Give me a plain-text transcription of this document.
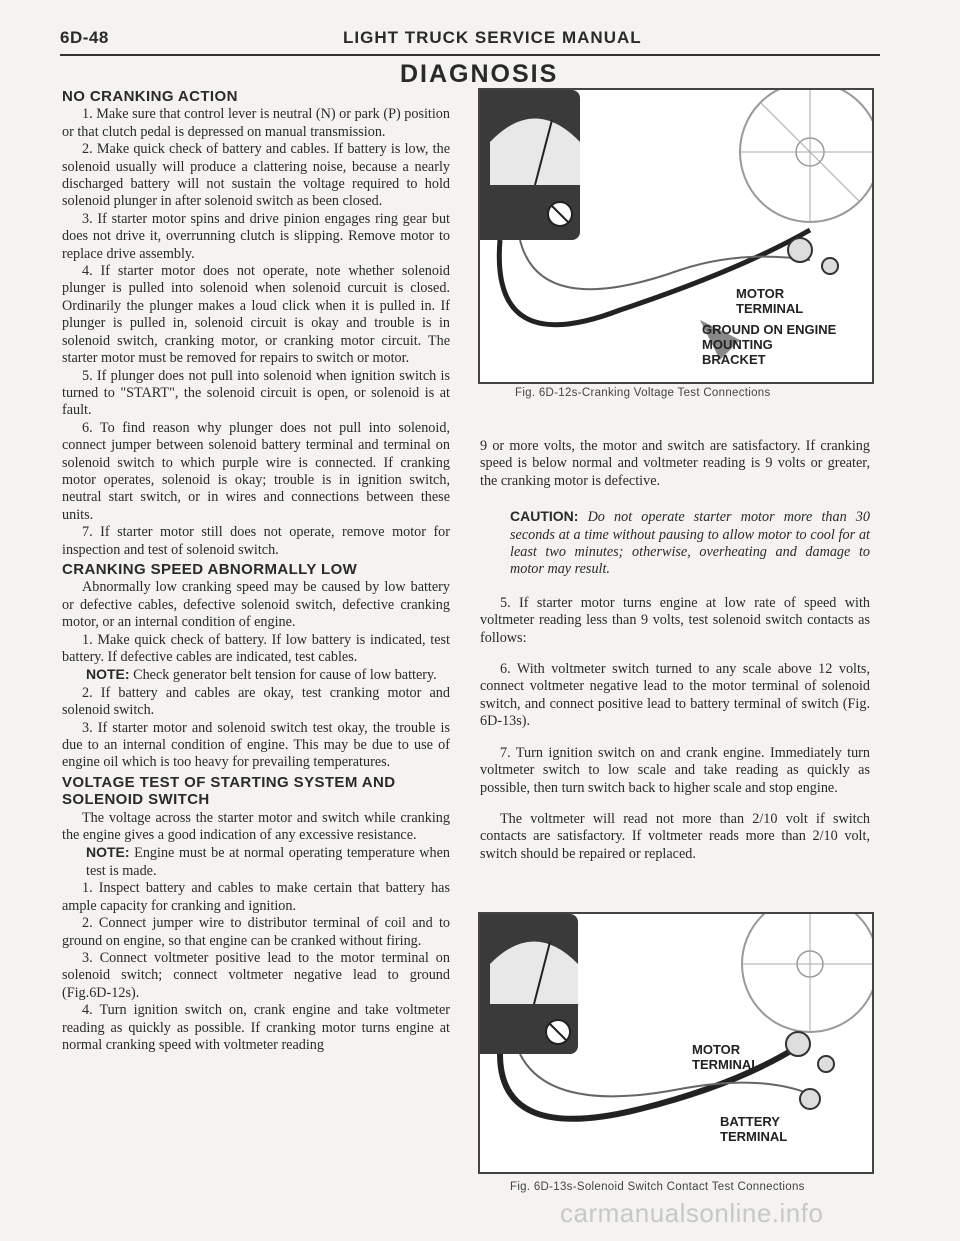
6D-48	LIGHT TRUCK SERVICE MANUAL
DIAGNOSIS
NO CRANKING ACTION

1. Make sure that control lever is neutral (N) or park (P) position or that clutch pedal is depressed on manual transmission.

2. Make quick check of battery and cables. If battery is low, the solenoid usually will produce a clattering noise, because a nearly discharged battery will not sustain the voltage required to hold solenoid plunger in after solenoid switch as been closed.

3. If starter motor spins and drive pinion engages ring gear but does not drive it, overrunning clutch is slipping. Remove motor to replace drive assembly.

4. If starter motor does not operate, note whether solenoid plunger is pulled into solenoid when solenoid curcuit is closed. Ordinarily the plunger makes a loud click when it is pulled in. If plunger is pulled in, solenoid circuit is okay and trouble is in solenoid switch, cranking motor, or cranking motor circuit. The starter motor must be removed for repairs to switch or motor.

5. If plunger does not pull into solenoid when ignition switch is turned to "START", the solenoid circuit is open, or solenoid is at fault.

6. To find reason why plunger does not pull into solenoid, connect jumper between solenoid battery terminal and terminal on solenoid switch to which purple wire is connected. If cranking motor operates, solenoid is okay; trouble is in ignition switch, neutral start switch, or in wires and connections between these units.

7. If starter motor still does not operate, remove motor for inspection and test of solenoid switch.

CRANKING SPEED ABNORMALLY LOW

Abnormally low cranking speed may be caused by low battery or defective cables, defective solenoid switch, defective cranking motor, or an internal condition of engine.

1. Make quick check of battery. If low battery is indicated, test battery. If defective cables are indicated, test cables.

NOTE: Check generator belt tension for cause of low battery.

2. If battery and cables are okay, test cranking motor and solenoid switch.

3. If starter motor and solenoid switch test okay, the trouble is due to an internal condition of engine. This may be due to use of engine oil which is too heavy for prevailing temperatures.

VOLTAGE TEST OF STARTING SYSTEM AND
SOLENOID SWITCH

The voltage across the starter motor and switch while cranking the engine gives a good indication of any excessive resistance.

NOTE: Engine must be at normal operating temperature when test is made.

1. Inspect battery and cables to make certain that battery has ample capacity for cranking and ignition.

2. Connect jumper wire to distributor terminal of coil and to ground on engine, so that engine can be cranked without firing.

3. Connect voltmeter positive lead to the motor terminal on solenoid switch; connect voltmeter negative lead to ground (Fig.6D-12s).

4. Turn ignition switch on, crank engine and take voltmeter reading as quickly as possible. If cranking motor turns engine at normal cranking speed with voltmeter reading

MOTOR
TERMINAL
GROUND ON ENGINE
MOUNTING
BRACKET
Fig. 6D-12s-Cranking Voltage Test Connections

9 or more volts, the motor and switch are satisfactory. If cranking speed is below normal and voltmeter reading is 9 volts or greater, the cranking motor is defective.

CAUTION: Do not operate starter motor more than 30 seconds at a time without pausing to allow motor to cool for at least two minutes; otherwise, overheating and damage to motor may result.

5. If starter motor turns engine at low rate of speed with voltmeter reading less than 9 volts, test solenoid switch contacts as follows:

6. With voltmeter switch turned to any scale above 12 volts, connect voltmeter negative lead to the motor terminal of solenoid switch, and connect positive lead to battery terminal of switch (Fig. 6D-13s).

7. Turn ignition switch on and crank engine. Immediately turn voltmeter switch to low scale and take reading as quickly as possible, then turn switch back to higher scale and stop engine.

The voltmeter will read not more than 2/10 volt if switch contacts are satisfactory. If voltmeter reads more than 2/10 volt, switch should be repaired or replaced.

MOTOR
TERMINAL
BATTERY
TERMINAL
Fig. 6D-13s-Solenoid Switch Contact Test Connections
carmanualsonline.info
